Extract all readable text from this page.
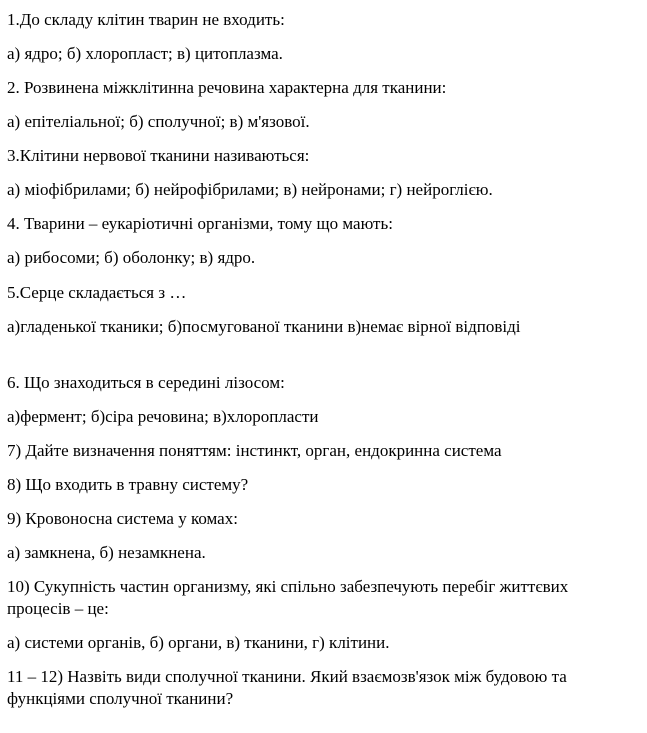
1.До складу клітин тварин не входить:

а) ядро; б) хлоропласт; в) цитоплазма.

2. Розвинена міжклітинна речовина характерна для тканини:

а) епітеліальної; б) сполучної; в) м'язової.

3.Клітини нервової тканини називаються:

а) міофібрилами; б) нейрофібрилами; в) нейронами; г) нейроглією.

4. Тварини – еукаріотичні організми, тому що мають:

а) рибосоми; б) оболонку; в) ядро.

5.Серце складається з …

а)гладенької тканики; б)посмугованої тканини в)немає вірної відповіді

6. Що знаходиться в середині лізосом:

а)фермент; б)сіра речовина; в)хлоропласти

7) Дайте визначення поняттям: інстинкт, орган, ендокринна система

8) Що входить в травну систему?

9) Кровоносна система у комах:

а) замкнена, б) незамкнена.

10) Сукупність частин организму, які спільно забезпечують перебіг життєвих процесів – це:

а) системи органів, б) органи, в) тканини, г) клітини.

11 – 12) Назвіть види сполучної тканини. Який взаємозв'язок між будовою та функціями сполучної тканини?
